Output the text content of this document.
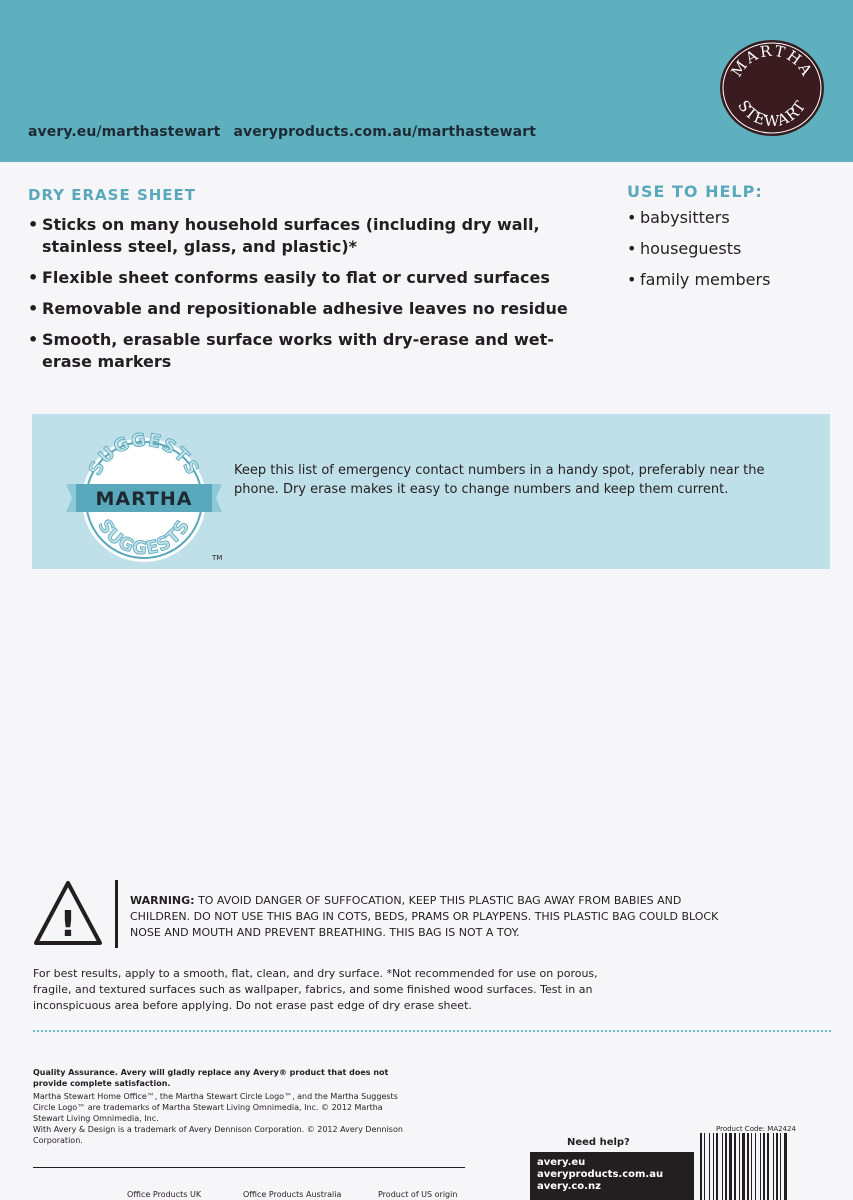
avery.eu/marthastewart averyproducts.com.au/marthastewart
MARTHA
STEWART
DRY ERASE SHEET
• Sticks on many household surfaces (including dry wall, stainless steel, glass, and plastic)*
• Flexible sheet conforms easily to flat or curved surfaces
• Removable and repositionable adhesive leaves no residue
• Smooth, erasable surface works with dry-erase and wet-erase markers
USE TO HELP:
• babysitters
• houseguests
• family members
SUGGESTS
SUGGESTS
MARTHA
TM
Keep this list of emergency contact numbers in a handy spot, preferably near the phone. Dry erase makes it easy to change numbers and keep them current.
!
WARNING: TO AVOID DANGER OF SUFFOCATION, KEEP THIS PLASTIC BAG AWAY FROM BABIES AND CHILDREN. DO NOT USE THIS BAG IN COTS, BEDS, PRAMS OR PLAYPENS. THIS PLASTIC BAG COULD BLOCK NOSE AND MOUTH AND PREVENT BREATHING. THIS BAG IS NOT A TOY.
For best results, apply to a smooth, flat, clean, and dry surface. *Not recommended for use on porous, fragile, and textured surfaces such as wallpaper, fabrics, and some finished wood surfaces. Test in an inconspicuous area before applying. Do not erase past edge of dry erase sheet.
Quality Assurance. Avery will gladly replace any Avery® product that does not provide complete satisfaction.
Martha Stewart Home Office™, the Martha Stewart Circle Logo™, and the Martha Suggests Circle Logo™ are trademarks of Martha Stewart Living Omnimedia, Inc. © 2012 Martha Stewart Living Omnimedia, Inc.
With Avery & Design is a trademark of Avery Dennison Corporation. © 2012 Avery Dennison Corporation.
Product Code: MA2424
Need help?
avery.eu
averyproducts.com.au
avery.co.nz
Office Products UK	Office Products Australia	Product of US origin
